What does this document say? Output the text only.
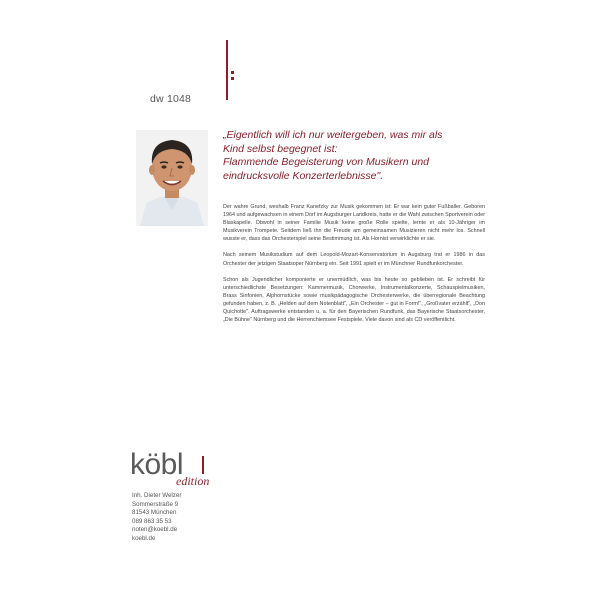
dw 1048
„Eigentlich will ich nur weitergeben, was mir als
Kind selbst begegnet ist:
Flammende Begeisterung von Musikern und
eindrucksvolle Konzerterlebnisse".

Der wahre Grund, weshalb Franz Kanefzky zur Musik gekommen ist: Er war kein guter Fußballer. Geboren 1964 und aufgewachsen in einem Dorf im Augsburger Landkreis, hatte er die Wahl zwischen Sportverein oder Blaskapelle. Obwohl in seiner Familie Musik keine große Rolle spielte, lernte er als 10-Jähriger im Musikverein Trompete. Seitdem ließ ihn die Freude am gemeinsamen Musizieren nicht mehr los. Schnell wusste er, dass das Orchesterspiel seine Bestimmung ist. Als Hornist verwirklichte er sie.

Nach seinem Musikstudium auf dem Leopold-Mozart-Konservatorium in Augsburg trat er 1986 in das Orchester der jetzigen Staatsoper Nürnberg ein. Seit 1991 spielt er im Münchner Rundfunkorchester.

Schon als Jugendlicher komponierte er unermüdlich, was bis heute so geblieben ist. Er schreibt für unterschiedlichste Besetzungen: Kammermusik, Chorwerke, Instrumentalkonzerte, Schauspielmusiken, Brass Sinfonien, Alphornstücke sowie musikpädagogische Orchesterwerke, die überregionale Beachtung gefunden haben, z. B. „Helden auf dem Notenblatt", „Ein Orchester – gut in Form!", „Großvater erzählt", „Don Quichotte". Auftragswerke entstanden u. a. für den Bayerischen Rundfunk, das Bayerische Staatsorchester, „Die Bühne" Nürnberg und die Herrenchiemsee Festspiele. Viele davon sind als CD veröffentlicht.

köbl
edition
Inh. Dieter Welzer
Sommerstraße 9
81543 München
089 863 35 53
noten@koebl.de
koebl.de
